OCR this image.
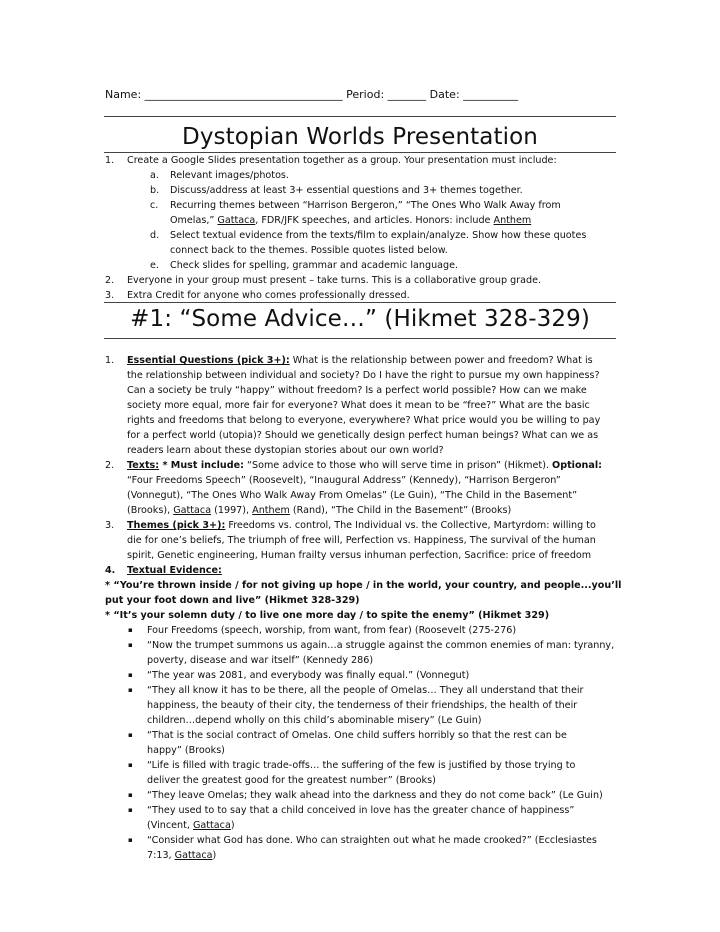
Name: ____________________________________ Period: _______ Date: __________
Dystopian Worlds Presentation
1. Create a Google Slides presentation together as a group. Your presentation must include:
a. Relevant images/photos.
b. Discuss/address at least 3+ essential questions and 3+ themes together.
c. Recurring themes between “Harrison Bergeron,” “The Ones Who Walk Away from
Omelas,” Gattaca, FDR/JFK speeches, and articles. Honors: include Anthem
d. Select textual evidence from the texts/film to explain/analyze. Show how these quotes
connect back to the themes. Possible quotes listed below.
e. Check slides for spelling, grammar and academic language.
2. Everyone in your group must present – take turns. This is a collaborative group grade.
3. Extra Credit for anyone who comes professionally dressed.
#1: “Some Advice…” (Hikmet 328-329)
1. Essential Questions (pick 3+): What is the relationship between power and freedom? What is
the relationship between individual and society? Do I have the right to pursue my own happiness?
Can a society be truly “happy” without freedom? Is a perfect world possible? How can we make
society more equal, more fair for everyone? What does it mean to be “free?” What are the basic
rights and freedoms that belong to everyone, everywhere? What price would you be willing to pay
for a perfect world (utopia)? Should we genetically design perfect human beings? What can we as
readers learn about these dystopian stories about our own world?
2. Texts: * Must include: “Some advice to those who will serve time in prison” (Hikmet). Optional:
“Four Freedoms Speech” (Roosevelt), “Inaugural Address” (Kennedy), “Harrison Bergeron”
(Vonnegut), “The Ones Who Walk Away From Omelas” (Le Guin), “The Child in the Basement”
(Brooks), Gattaca (1997), Anthem (Rand), “The Child in the Basement” (Brooks)
3. Themes (pick 3+): Freedoms vs. control, The Individual vs. the Collective, Martyrdom: willing to
die for one’s beliefs, The triumph of free will, Perfection vs. Happiness, The survival of the human
spirit, Genetic engineering, Human frailty versus inhuman perfection, Sacrifice: price of freedom
4. Textual Evidence:
* “You’re thrown inside / for not giving up hope / in the world, your country, and people...you’ll
put your foot down and live” (Hikmet 328-329)
* “It’s your solemn duty / to live one more day / to spite the enemy” (Hikmet 329)
▪ Four Freedoms (speech, worship, from want, from fear) (Roosevelt (275-276)
▪ “Now the trumpet summons us again…a struggle against the common enemies of man: tyranny,
poverty, disease and war itself” (Kennedy 286)
▪ “The year was 2081, and everybody was finally equal.” (Vonnegut)
▪ “They all know it has to be there, all the people of Omelas… They all understand that their
happiness, the beauty of their city, the tenderness of their friendships, the health of their
children…depend wholly on this child’s abominable misery” (Le Guin)
▪ “That is the social contract of Omelas. One child suffers horribly so that the rest can be
happy” (Brooks)
▪ “Life is filled with tragic trade-offs… the suffering of the few is justified by those trying to
deliver the greatest good for the greatest number” (Brooks)
▪ “They leave Omelas; they walk ahead into the darkness and they do not come back” (Le Guin)
▪ “They used to to say that a child conceived in love has the greater chance of happiness”
(Vincent, Gattaca)
▪ “Consider what God has done. Who can straighten out what he made crooked?” (Ecclesiastes
7:13, Gattaca)
